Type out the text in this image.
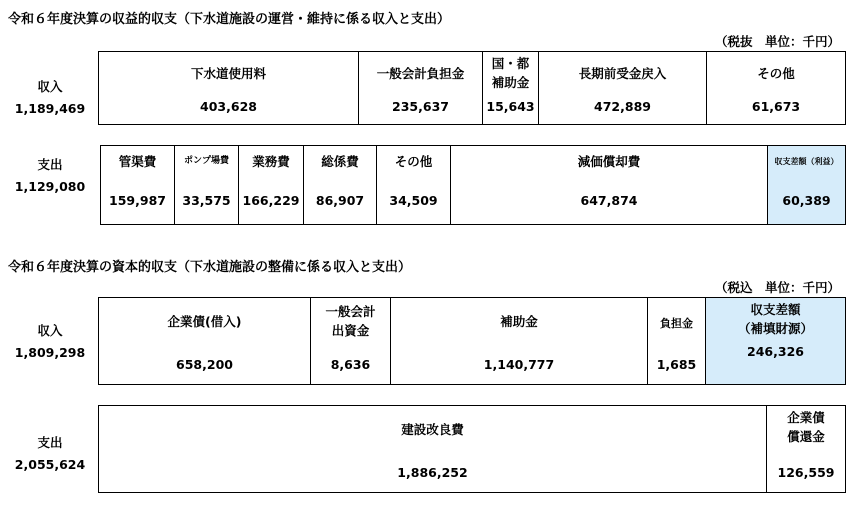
令和６年度決算の収益的収支（下水道施設の運営・維持に係る収入と支出）
（税抜　単位：千円）
収入
1,189,469
下水道使用料
403,628
一般会計負担金
235,637
国・都
補助金
15,643
長期前受金戻入
472,889
その他
61,673
支出
1,129,080
管渠費
159,987
ポンプ場費
33,575
業務費
166,229
総係費
86,907
その他
34,509
減価償却費
647,874
収支差額（利益）
60,389
令和６年度決算の資本的収支（下水道施設の整備に係る収入と支出）
（税込　単位：千円）
収入
1,809,298
企業債(借入)
658,200
一般会計
出資金
8,636
補助金
1,140,777
負担金
1,685
収支差額
（補填財源）
246,326
支出
2,055,624
建設改良費
1,886,252
企業債
償還金
126,559
